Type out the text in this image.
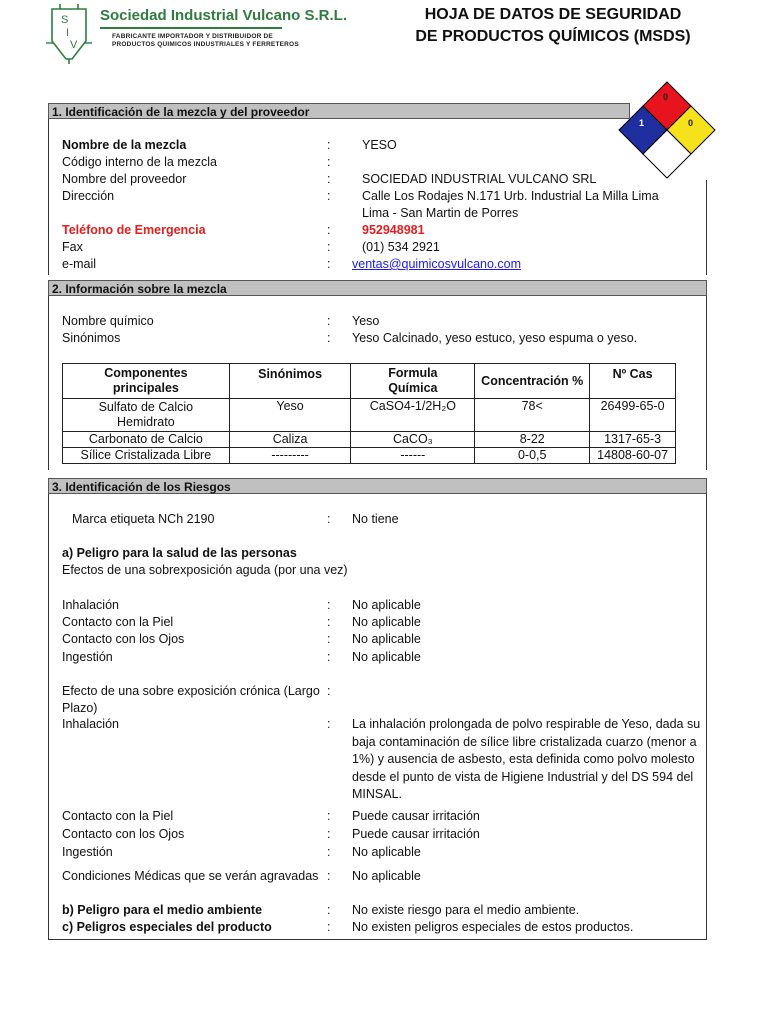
S
I
V
Sociedad Industrial Vulcano S.R.L.
FABRICANTE IMPORTADOR Y DISTRIBUIDOR DE
PRODUCTOS QUIMICOS INDUSTRIALES Y FERRETEROS
HOJA DE DATOS DE SEGURIDAD
DE PRODUCTOS QUÍMICOS (MSDS)
0
1	0
1. Identificación de la mezcla y del proveedor
Nombre de la mezcla	:	YESO
Código interno de la mezcla	:
Nombre del proveedor	:	SOCIEDAD INDUSTRIAL VULCANO SRL
Dirección	:	Calle Los Rodajes N.171 Urb. Industrial La Milla Lima
Lima - San Martin de Porres
Teléfono de Emergencia	:	952948981
Fax	:	(01) 534 2921
e-mail	: ventas@quimicosvulcano.com
2. Información sobre la mezcla
Nombre químico	: Yeso
Sinónimos	: Yeso Calcinado, yeso estuco, yeso espuma o yeso.
Componentes principales	Sinónimos	Formula Química	Concentración %	Nº Cas
Sulfato de Calcio Hemidrato	Yeso	CaSO4-1/2H₂O	78<	26499-65-0
Carbonato de Calcio	Caliza	CaCO₃	8-22	1317-65-3
Sílice Cristalizada Libre	---------	------	0-0,5	14808-60-07
3. Identificación de los Riesgos
Marca etiqueta NCh 2190	: No tiene
a) Peligro para la salud de las personas
Efectos de una sobrexposición aguda (por una vez)
Inhalación	: No aplicable
Contacto con la Piel	: No aplicable
Contacto con los Ojos	: No aplicable
Ingestión	: No aplicable
Efecto de una sobre exposición crónica (Largo :
Plazo)
Inhalación	: La inhalación prolongada de polvo respirable de Yeso, dada su baja contaminación de sílice libre cristalizada cuarzo (menor a 1%) y ausencia de asbesto, esta definida como polvo molesto desde el punto de vista de Higiene Industrial y del DS 594 del MINSAL.
Contacto con la Piel	: Puede causar irritación
Contacto con los Ojos	: Puede causar irritación
Ingestión	: No aplicable
Condiciones Médicas que se verán agravadas : No aplicable
b) Peligro para el medio ambiente	: No existe riesgo para el medio ambiente.
c) Peligros especiales del producto	: No existen peligros especiales de estos productos.
